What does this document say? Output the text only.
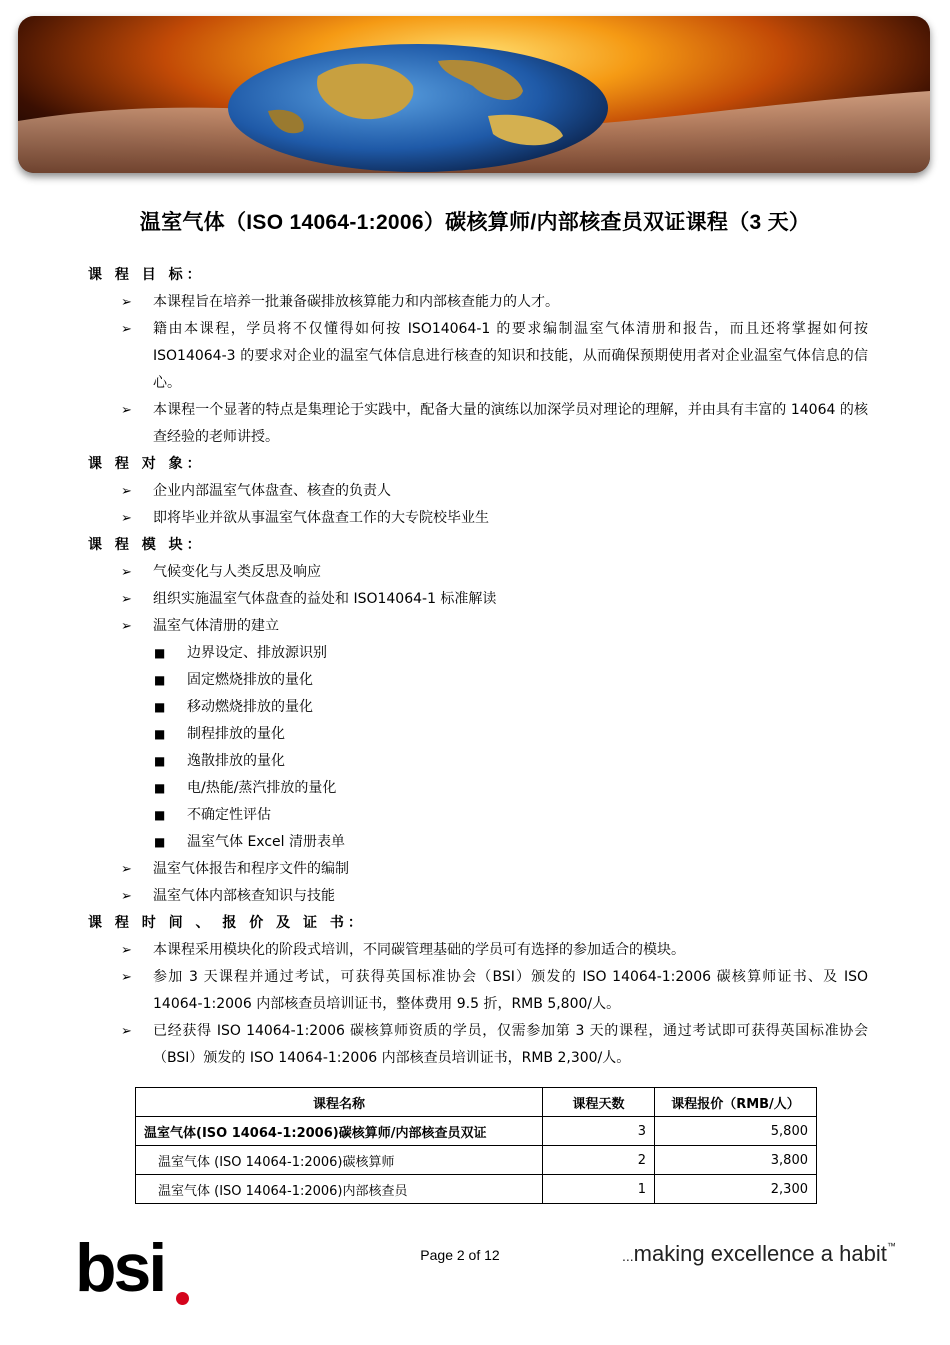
温室气体（ISO 14064-1:2006）碳核算师/内部核查员双证课程（3 天）
课 程 目 标：
➢ 本课程旨在培养一批兼备碳排放核算能力和内部核查能力的人才。
➢ 籍由本课程，学员将不仅懂得如何按 ISO14064-1 的要求编制温室气体清册和报告，而且还将掌握如何按 ISO14064-3 的要求对企业的温室气体信息进行核查的知识和技能，从而确保预期使用者对企业温室气体信息的信心。
➢ 本课程一个显著的特点是集理论于实践中，配备大量的演练以加深学员对理论的理解，并由具有丰富的 14064 的核查经验的老师讲授。
课 程 对 象：
➢ 企业内部温室气体盘查、核查的负责人
➢ 即将毕业并欲从事温室气体盘查工作的大专院校毕业生
课 程 模 块：
➢ 气候变化与人类反思及响应
➢ 组织实施温室气体盘查的益处和 ISO14064-1 标准解读
➢ 温室气体清册的建立
■ 边界设定、排放源识别
■ 固定燃烧排放的量化
■ 移动燃烧排放的量化
■ 制程排放的量化
■ 逸散排放的量化
■ 电/热能/蒸汽排放的量化
■ 不确定性评估
■ 温室气体 Excel 清册表单
➢ 温室气体报告和程序文件的编制
➢ 温室气体内部核查知识与技能
课 程 时 间 、 报 价 及 证 书：
➢ 本课程采用模块化的阶段式培训，不同碳管理基础的学员可有选择的参加适合的模块。
➢ 参加 3 天课程并通过考试，可获得英国标准协会（BSI）颁发的 ISO 14064-1:2006 碳核算师证书、及 ISO 14064-1:2006 内部核查员培训证书，整体费用 9.5 折，RMB 5,800/人。
➢ 已经获得 ISO 14064-1:2006 碳核算师资质的学员，仅需参加第 3 天的课程，通过考试即可获得英国标准协会（BSI）颁发的 ISO 14064-1:2006 内部核查员培训证书，RMB 2,300/人。
课程名称	课程天数	课程报价（RMB/人）
温室气体(ISO 14064-1:2006)碳核算师/内部核查员双证	3	5,800
温室气体 (ISO 14064-1:2006)碳核算师	2	3,800
温室气体 (ISO 14064-1:2006)内部核查员	1	2,300
bsi	Page 2 of 12	...making excellence a habit™
